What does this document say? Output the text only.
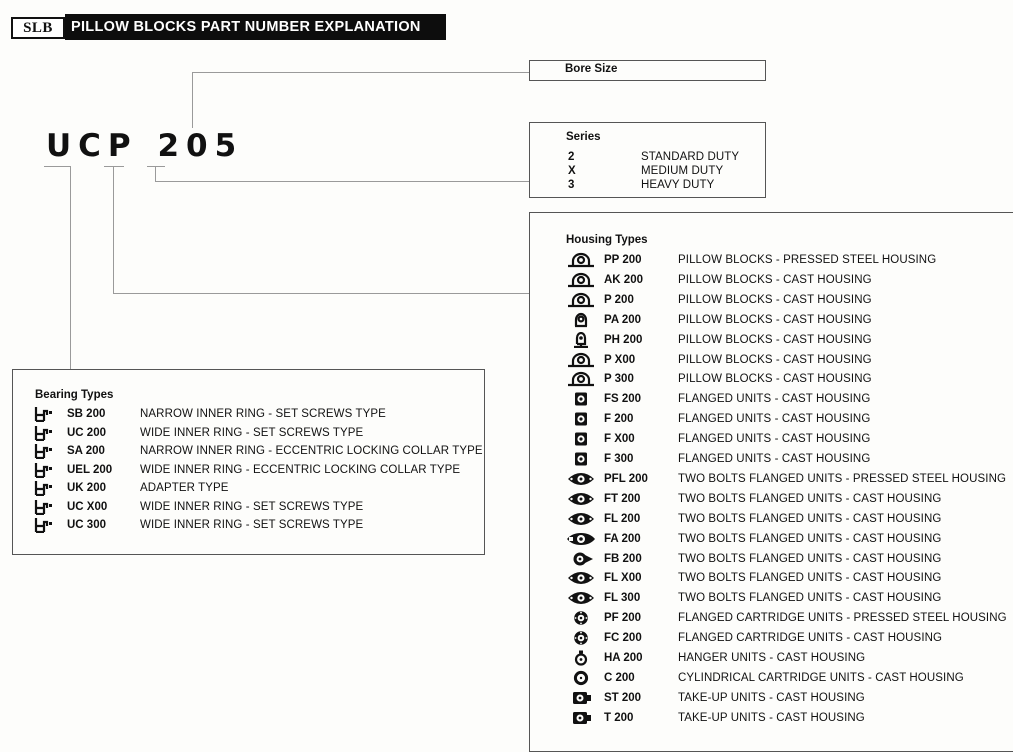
SLB	PILLOW BLOCKS PART NUMBER EXPLANATION
UCP 205
Bore Size
Series
2	STANDARD DUTY
X	MEDIUM DUTY
3	HEAVY DUTY
Bearing Types
SB 200	NARROW INNER RING - SET SCREWS TYPE
UC 200	WIDE INNER RING - SET SCREWS TYPE
SA 200	NARROW INNER RING - ECCENTRIC LOCKING COLLAR TYPE
UEL 200 WIDE INNER RING - ECCENTRIC LOCKING COLLAR TYPE
UK 200	ADAPTER TYPE
UC X00	WIDE INNER RING - SET SCREWS TYPE
UC 300	WIDE INNER RING - SET SCREWS TYPE
Housing Types
PP 200	PILLOW BLOCKS - PRESSED STEEL HOUSING
AK 200	PILLOW BLOCKS - CAST HOUSING
P 200	PILLOW BLOCKS - CAST HOUSING
PA 200	PILLOW BLOCKS - CAST HOUSING
PH 200	PILLOW BLOCKS - CAST HOUSING
P X00	PILLOW BLOCKS - CAST HOUSING
P 300	PILLOW BLOCKS - CAST HOUSING
FS 200	FLANGED UNITS - CAST HOUSING
F 200	FLANGED UNITS - CAST HOUSING
F X00	FLANGED UNITS - CAST HOUSING
F 300	FLANGED UNITS - CAST HOUSING
PFL 200	TWO BOLTS FLANGED UNITS - PRESSED STEEL HOUSING
FT 200	TWO BOLTS FLANGED UNITS - CAST HOUSING
FL 200	TWO BOLTS FLANGED UNITS - CAST HOUSING
FA 200	TWO BOLTS FLANGED UNITS - CAST HOUSING
FB 200	TWO BOLTS FLANGED UNITS - CAST HOUSING
FL X00	TWO BOLTS FLANGED UNITS - CAST HOUSING
FL 300	TWO BOLTS FLANGED UNITS - CAST HOUSING
PF 200	FLANGED CARTRIDGE UNITS - PRESSED STEEL HOUSING
FC 200	FLANGED CARTRIDGE UNITS - CAST HOUSING
HA 200	HANGER UNITS - CAST HOUSING
C 200	CYLINDRICAL CARTRIDGE UNITS - CAST HOUSING
ST 200	TAKE-UP UNITS - CAST HOUSING
T 200	TAKE-UP UNITS - CAST HOUSING
